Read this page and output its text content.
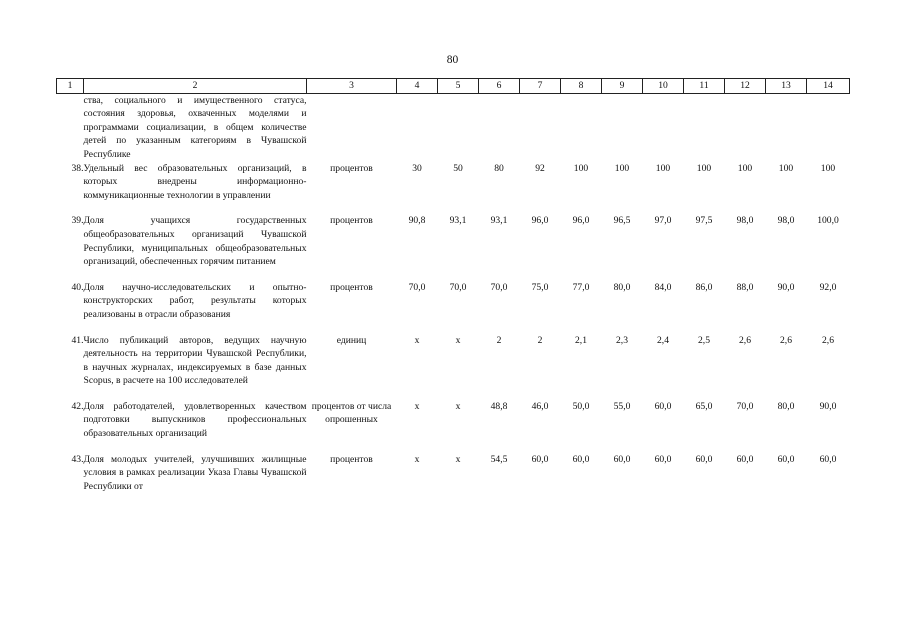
80
1	2	3	4	5	6	7	8	9	10	11	12	13	14
	ства, социального и имущественного статуса, состояния здоровья, охваченных моделями и программами социализации, в общем количестве детей по указанным категориям в Чувашской Республике												
38.	Удельный вес образовательных организаций, в которых внедрены информационно-коммуникационные технологии в управлении	процентов	30	50	80	92	100	100	100	100	100	100	100

39.	Доля учащихся государственных общеобразовательных организаций Чувашской Республики, муниципальных общеобразовательных организаций, обеспеченных горячим питанием	процентов	90,8	93,1	93,1	96,0	96,0	96,5	97,0	97,5	98,0	98,0	100,0

40.	Доля научно-исследовательских и опытно-конструкторских работ, результаты которых реализованы в отрасли образования	процентов	70,0	70,0	70,0	75,0	77,0	80,0	84,0	86,0	88,0	90,0	92,0

41.	Число публикаций авторов, ведущих научную деятельность на территории Чувашской Республики, в научных журналах, индексируемых в базе данных Scopus, в расчете на 100 исследователей	единиц	x	x	2	2	2,1	2,3	2,4	2,5	2,6	2,6	2,6

42.	Доля работодателей, удовлетворенных качеством подготовки выпускников профессиональных образовательных организаций	процентов от числа опрошенных	x	x	48,8	46,0	50,0	55,0	60,0	65,0	70,0	80,0	90,0

43.	Доля молодых учителей, улучшивших жилищные условия в рамках реализации Указа Главы Чувашской Республики от	процентов	x	x	54,5	60,0	60,0	60,0	60,0	60,0	60,0	60,0	60,0
